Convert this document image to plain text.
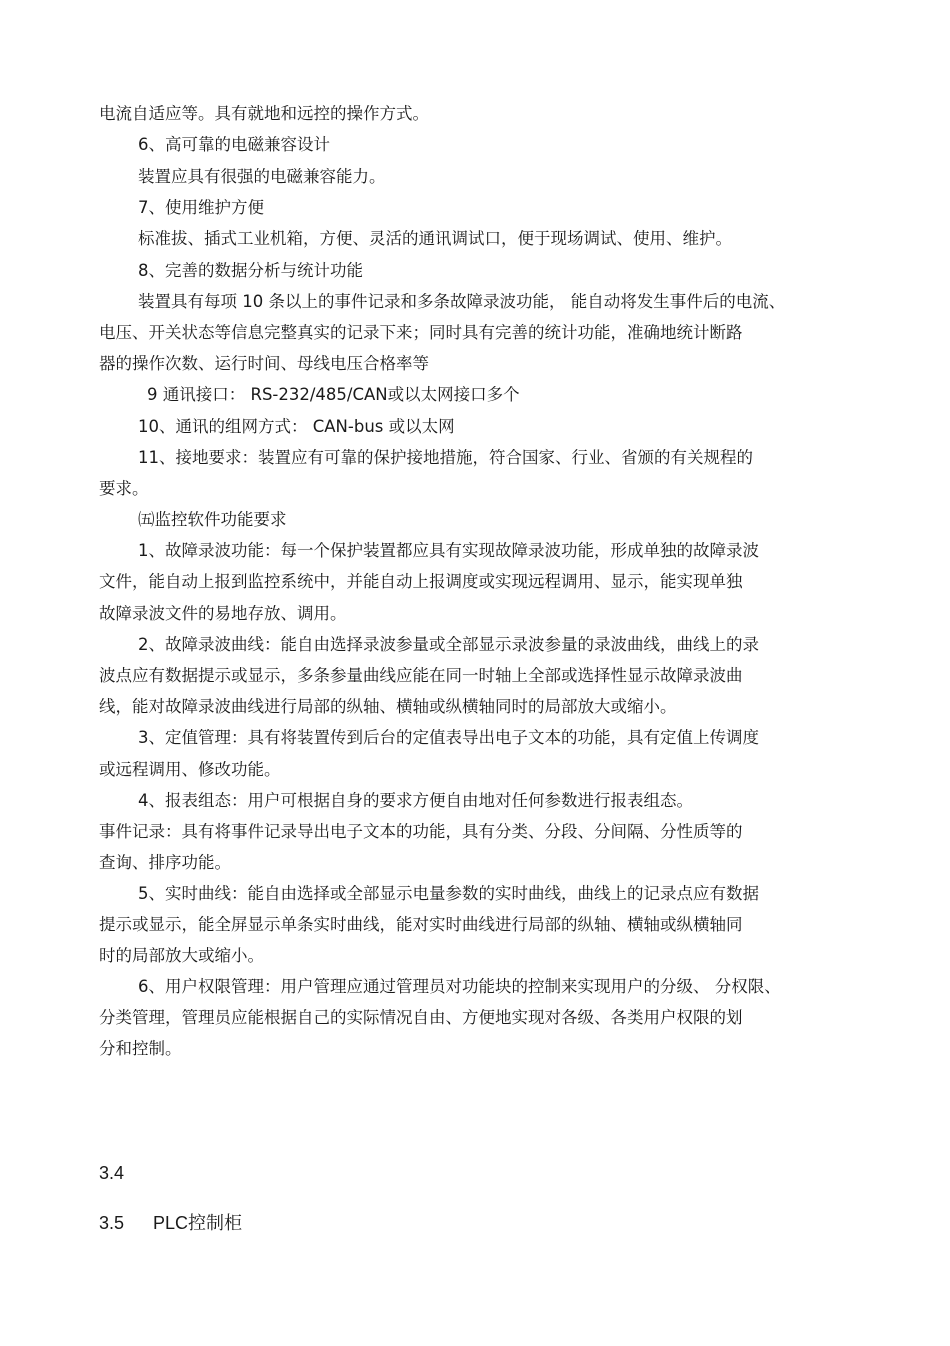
电流自适应等。具有就地和远控的操作方式。
6、高可靠的电磁兼容设计
装置应具有很强的电磁兼容能力。
7、使用维护方便
标准拔、插式工业机箱，方便、灵活的通讯调试口，便于现场调试、使用、维护。
8、完善的数据分析与统计功能
装置具有每项 10 条以上的事件记录和多条故障录波功能， 能自动将发生事件后的电流、
电压、开关状态等信息完整真实的记录下来；同时具有完善的统计功能，准确地统计断路
器的操作次数、运行时间、母线电压合格率等
9 通讯接口： RS-232/485/CAN或以太网接口多个
10、通讯的组网方式： CAN-bus 或以太网
11、接地要求：装置应有可靠的保护接地措施，符合国家、行业、省颁的有关规程的
要求。
㈤监控软件功能要求
1、故障录波功能：每一个保护装置都应具有实现故障录波功能，形成单独的故障录波
文件，能自动上报到监控系统中，并能自动上报调度或实现远程调用、显示，能实现单独
故障录波文件的易地存放、调用。
2、故障录波曲线：能自由选择录波参量或全部显示录波参量的录波曲线，曲线上的录
波点应有数据提示或显示，多条参量曲线应能在同一时轴上全部或选择性显示故障录波曲
线，能对故障录波曲线进行局部的纵轴、横轴或纵横轴同时的局部放大或缩小。
3、定值管理：具有将装置传到后台的定值表导出电子文本的功能，具有定值上传调度
或远程调用、修改功能。
4、报表组态：用户可根据自身的要求方便自由地对任何参数进行报表组态。
事件记录：具有将事件记录导出电子文本的功能，具有分类、分段、分间隔、分性质等的
查询、排序功能。
5、实时曲线：能自由选择或全部显示电量参数的实时曲线，曲线上的记录点应有数据
提示或显示，能全屏显示单条实时曲线，能对实时曲线进行局部的纵轴、横轴或纵横轴同
时的局部放大或缩小。
6、用户权限管理：用户管理应通过管理员对功能块的控制来实现用户的分级、 分权限、
分类管理，管理员应能根据自己的实际情况自由、方便地实现对各级、各类用户权限的划
分和控制。
3.4
3.5 PLC控制柜
